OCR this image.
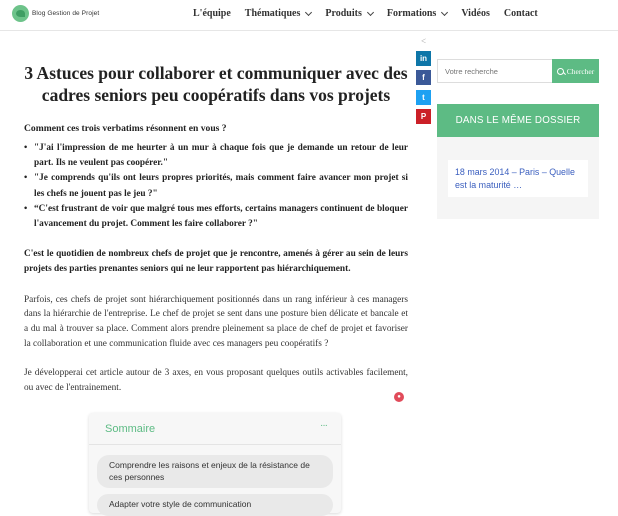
Blog Gestion de Projet	L'équipe Thématiques	Produits	Formations	Vidéos Contact
3 Astuces pour collaborer et communiquer avec des cadres seniors peu coopératifs dans vos projets

Comment ces trois verbatims résonnent en vous ?

• "J'ai l'impression de me heurter à un mur à chaque fois que je demande un retour de leur part. Ils ne veulent pas coopérer."
• "Je comprends qu'ils ont leurs propres priorités, mais comment faire avancer mon projet si les chefs ne jouent pas le jeu ?"
• “C'est frustrant de voir que malgré tous mes efforts, certains managers continuent de bloquer l'avancement du projet. Comment les faire collaborer ?"

C'est le quotidien de nombreux chefs de projet que je rencontre, amenés à gérer au sein de leurs projets des parties prenantes seniors qui ne leur rapportent pas hiérarchiquement.

Parfois, ces chefs de projet sont hiérarchiquement positionnés dans un rang inférieur à ces managers dans la hiérarchie de l'entreprise. Le chef de projet se sent dans une posture bien délicate et bancale et a du mal à trouver sa place. Comment alors prendre pleinement sa place de chef de projet et favoriser la collaboration et une communication fluide avec ces managers peu coopératifs ?

Je développerai cet article autour de 3 axes, en vous proposant quelques outils activables facilement, ou avec de l'entrainement.

<
in
f
t
P
Votre recherche
Chercher
DANS LE MÊME DOSSIER
18 mars 2014 – Paris – Quelle est la maturité …
●
Sommaire	···
Comprendre les raisons et enjeux de la résistance de ces personnes
Adapter votre style de communication
